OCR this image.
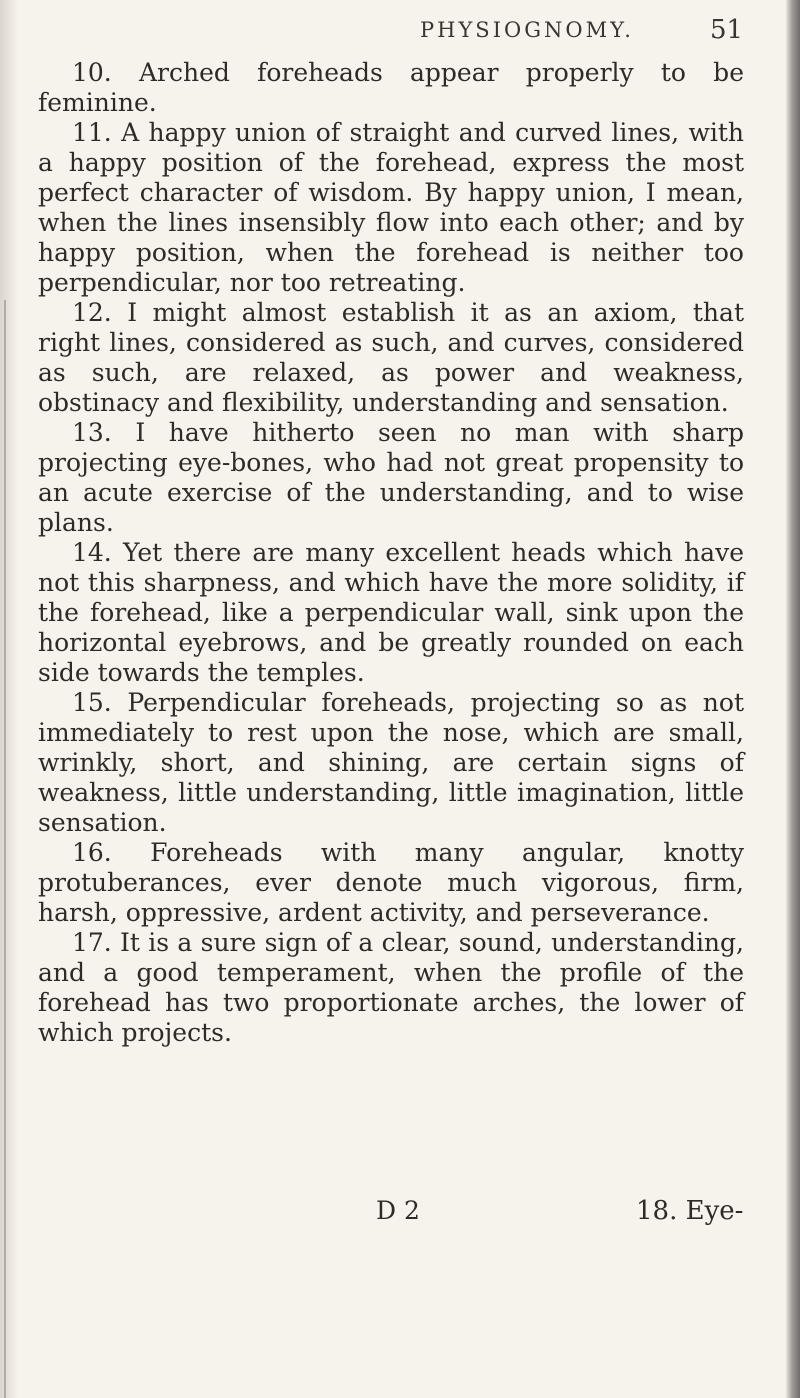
PHYSIOGNOMY.	51

10. Arched foreheads appear properly to be feminine.

11. A happy union of straight and curved lines, with a happy position of the forehead, express the most perfect character of wisdom. By happy union, I mean, when the lines insensibly flow into each other; and by happy position, when the forehead is neither too perpendicular, nor too retreating.

12. I might almost establish it as an axiom, that right lines, considered as such, and curves, considered as such, are relaxed, as power and weakness, obstinacy and flexibility, understanding and sensation.

13. I have hitherto seen no man with sharp projecting eye-bones, who had not great propensity to an acute exercise of the understanding, and to wise plans.

14. Yet there are many excellent heads which have not this sharpness, and which have the more solidity, if the forehead, like a perpendicular wall, sink upon the horizontal eyebrows, and be greatly rounded on each side towards the temples.

15. Perpendicular foreheads, projecting so as not immediately to rest upon the nose, which are small, wrinkly, short, and shining, are certain signs of weakness, little understanding, little imagination, little sensation.

16. Foreheads with many angular, knotty protuberances, ever denote much vigorous, firm, harsh, oppressive, ardent activity, and perseverance.

17. It is a sure sign of a clear, sound, understanding, and a good temperament, when the profile of the forehead has two proportionate arches, the lower of which projects.

D 2	18. Eye-
